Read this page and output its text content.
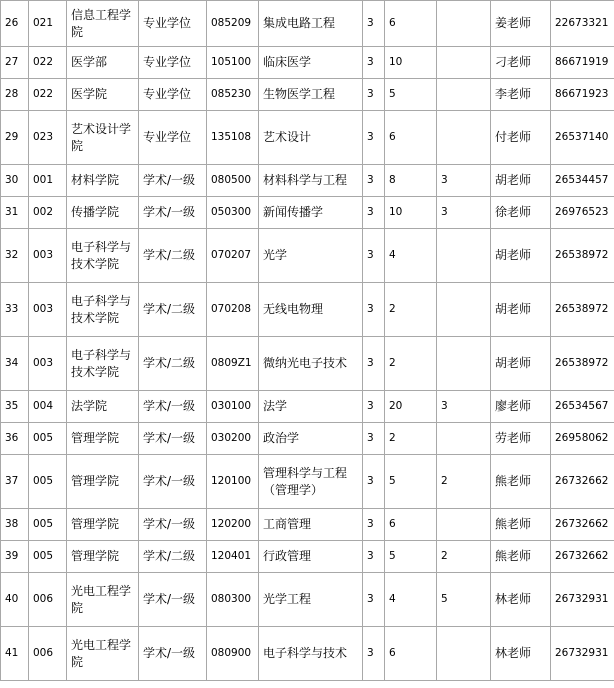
26	021	信息工程学院	专业学位	085209	集成电路工程	3	6		姜老师	22673321
27	022	医学部	专业学位	105100	临床医学	3	10		刁老师	86671919
28	022	医学院	专业学位	085230	生物医学工程	3	5		李老师	86671923
29	023	艺术设计学院	专业学位	135108	艺术设计	3	6		付老师	26537140
30	001	材料学院	学术/一级	080500	材料科学与工程	3	8	3	胡老师	26534457
31	002	传播学院	学术/一级	050300	新闻传播学	3	10	3	徐老师	26976523
32	003	电子科学与技术学院	学术/二级	070207	光学	3	4		胡老师	26538972
33	003	电子科学与技术学院	学术/二级	070208	无线电物理	3	2		胡老师	26538972
34	003	电子科学与技术学院	学术/二级	0809Z1	微纳光电子技术	3	2		胡老师	26538972
35	004	法学院	学术/一级	030100	法学	3	20	3	廖老师	26534567
36	005	管理学院	学术/一级	030200	政治学	3	2		劳老师	26958062
37	005	管理学院	学术/一级	120100	管理科学与工程（管理学）	3	5	2	熊老师	26732662
38	005	管理学院	学术/一级	120200	工商管理	3	6		熊老师	26732662
39	005	管理学院	学术/二级	120401	行政管理	3	5	2	熊老师	26732662
40	006	光电工程学院	学术/一级	080300	光学工程	3	4	5	林老师	26732931
41	006	光电工程学院	学术/一级	080900	电子科学与技术	3	6		林老师	26732931
